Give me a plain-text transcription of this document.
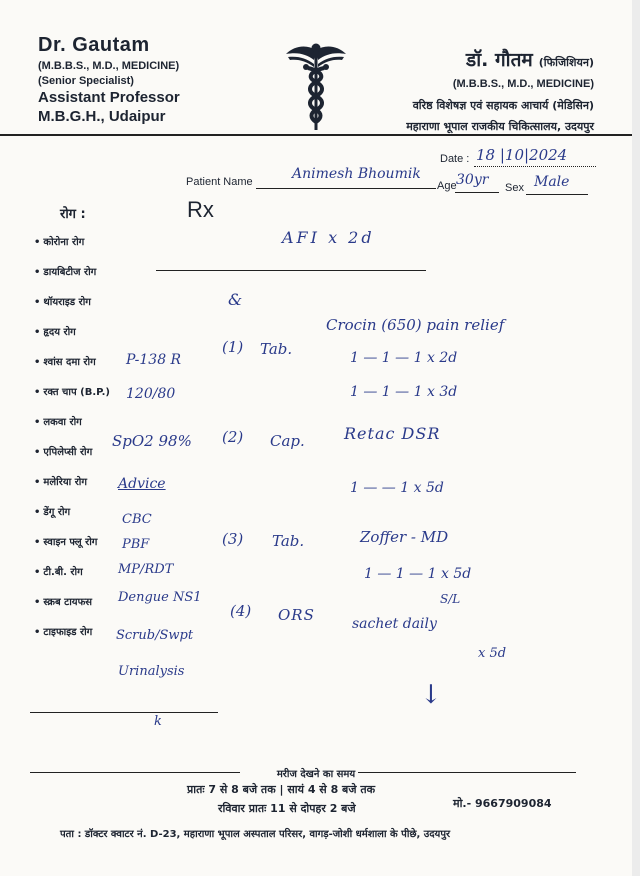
Dr. Gautam
(M.B.B.S., M.D., MEDICINE)
(Senior Specialist)
Assistant Professor
M.B.G.H., Udaipur
डॉ. गौतम (फिजिशियन)
(M.B.B.S., M.D., MEDICINE)
वरिष्ठ विशेषज्ञ एवं सहायक आचार्य (मेडिसिन)
महाराणा भूपाल राजकीय चिकित्सालय, उदयपुर
Date : 18 |10|2024
Patient Name	Animesh Bhoumik
Age 30yr Sex Male
Rx
रोग :
• कोरोना रोग
• डायबिटीज रोग
• थॉयराइड रोग
• हृदय रोग
• श्वांस दमा रोग
• रक्त चाप (B.P.)
• लकवा रोग
• एपिलेप्सी रोग
• मलेरिया रोग
• डेंगू रोग
• स्वाइन फ्लू रोग
• टी.बी. रोग
• स्क्रब टायफस
• टाइफाइड रोग
P-138 R
120/80
SpO2 98%
Advice
CBC
PBF
MP/RDT
Dengue NS1
Scrub/Swpt
Urinalysis
k
AFI x 2d
&
(1) Tab.
Crocin (650) pain relief
1 — 1 — 1 x 2d
1 — 1 — 1 x 3d
(2) Cap. Retac DSR
1 — — 1 x 5d
(3) Tab.	Zoffer - MD
1 — 1 — 1 x 5d
S/L
(4) ORS	sachet daily
x 5d
↓
मरीज देखने का समय
प्रातः 7 से 8 बजे तक | सायं 4 से 8 बजे तक
रविवार प्रातः 11 से दोपहर 2 बजे	मो.- 9667909084
पता : डॉक्टर क्वाटर नं. D-23, महाराणा भूपाल अस्पताल परिसर, वागड़-जोशी धर्मशाला के पीछे, उदयपुर
